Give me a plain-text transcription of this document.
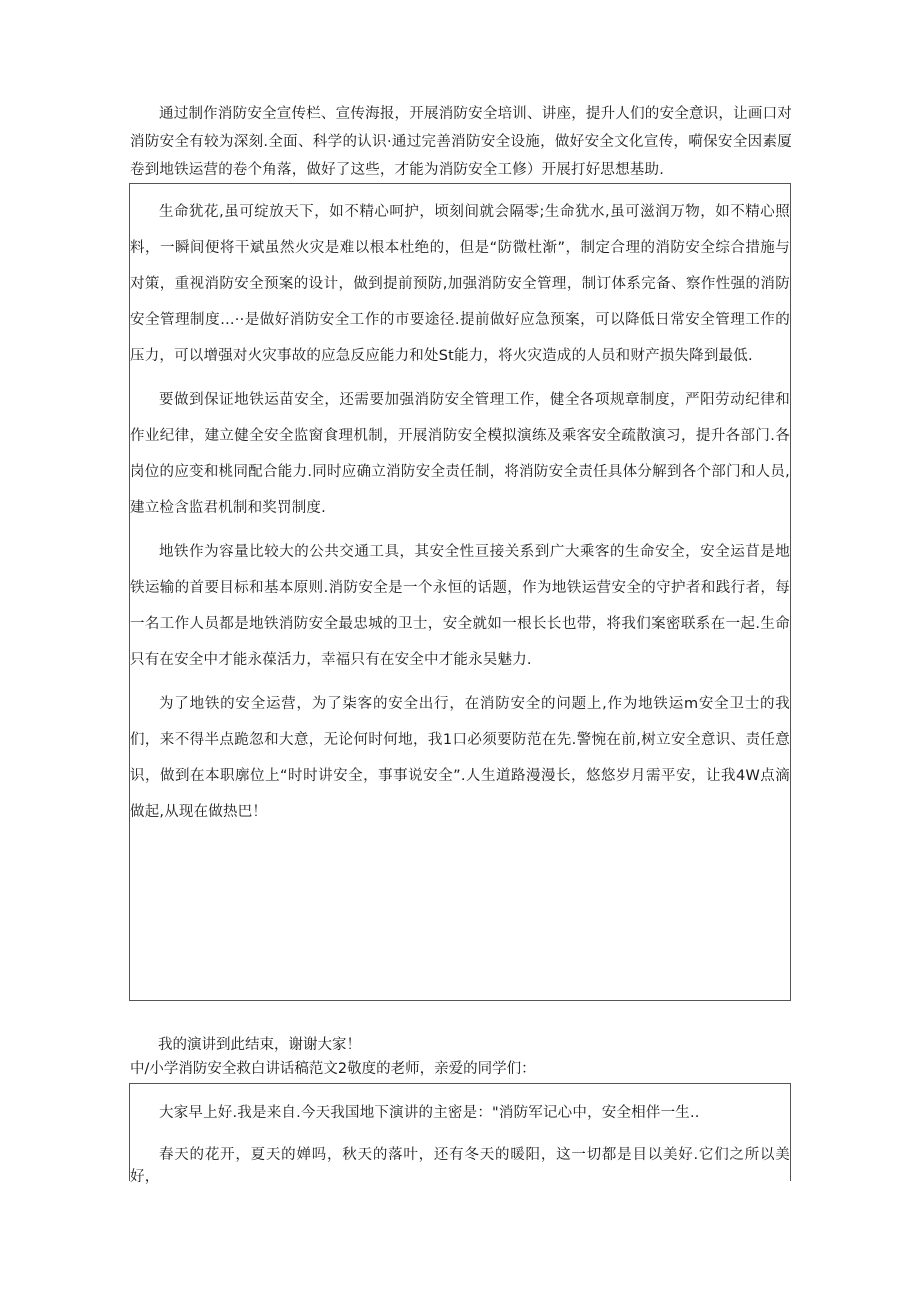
通过制作消防安全宣传栏、宣传海报，开展消防安全培训、讲座，提升人们的安全意识，让画口对消防安全有较为深刻.全面、科学的认识·通过完善消防安全设施，做好安全文化宣传，嗬保安全因素厦卷到地铁运营的卷个角落，做好了这些，才能为消防安全工修）开展打好思想基助.

生命犹花,虽可绽放天下，如不精心呵护，顷刻间就会隔零;生命犹水,虽可滋润万物，如不精心照料，一瞬间便将干斌虽然火灾是难以根本杜绝的，但是“防微杜渐”，制定合理的消防安全综合措施与对策，重视消防安全预案的设计，做到提前预防,加强消防安全管理，制订体系完备、察作性强的消防安全管理制度…··是做好消防安全工作的市要途径.提前做好应急预案，可以降低日常安全管理工作的压力，可以增强对火灾事故的应急反应能力和处St能力，将火灾造成的人员和财产损失降到最低.

要做到保证地铁运苗安全，还需要加强消防安全管理工作，健全各项规章制度，严阳劳动纪律和作业纪律，建立健全安全监窗食理机制，开展消防安全模拟演练及乘客安全疏散演习，提升各部门.各岗位的应变和桃同配合能力.同时应确立消防安全责任制，将消防安全责任具体分解到各个部门和人员,建立检含监君机制和奖罚制度.

地铁作为容量比较大的公共交通工具，其安全性亘接关系到广大乘客的生命安全，安全运苜是地铁运输的首要目标和基本原则.消防安全是一个永恒的话题，作为地铁运营安全的守护者和践行者，每一名工作人员都是地铁消防安全最忠城的卫士，安全就如一根长长也带，将我们案密联系在一起.生命只有在安全中才能永葆活力，幸福只有在安全中才能永吴魅力.

为了地铁的安全运营，为了柒客的安全出行，在消防安全的问题上,作为地铁运m安全卫士的我们，来不得半点跪忽和大意，无论何时何地，我1口必须要防范在先.警惋在前,树立安全意识、责任意识，做到在本职廓位上“时时讲安全，事事说安全”.人生道路漫漫长，悠悠岁月需平安，让我4W点滴做起,从现在做热巴！

我的演讲到此结束，谢谢大家！

中/小学消防安全救白讲话稿范文2敬度的老师，亲爱的同学们：

大家早上好.我是来自.今天我国地下演讲的主密是："消防军记心中，安全相伴一生..

春天的花开，夏天的婵吗，秋天的落叶，还有冬天的暖阳，这一切都是目以美好.它们之所以美好，
